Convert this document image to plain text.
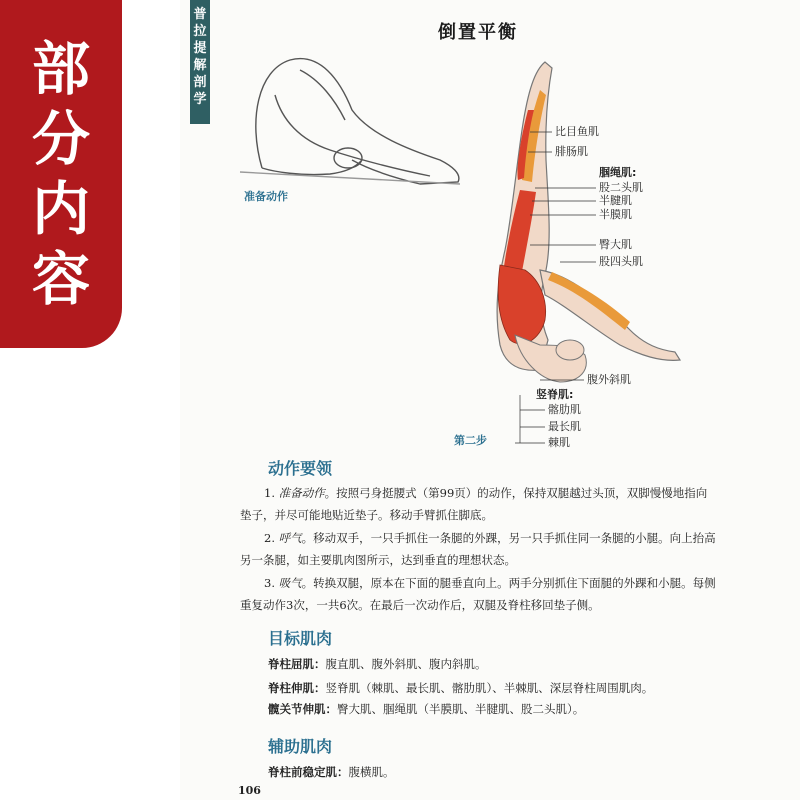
部
分
内
容
普
拉
提
解
剖
学
倒置平衡
准备动作
第二步
比目鱼肌
腓肠肌
腘绳肌:
股二头肌
半腱肌
半膜肌
臀大肌
股四头肌
腹外斜肌
竖脊肌:
髂肋肌
最长肌
棘肌
动作要领
1. 准备动作。按照弓身挺腰式（第99页）的动作，保持双腿越过头顶，双脚慢慢地指向垫子，并尽可能地贴近垫子。移动手臂抓住脚底。
2. 呼气。移动双手，一只手抓住一条腿的外踝，另一只手抓住同一条腿的小腿。向上抬高另一条腿，如主要肌肉图所示，达到垂直的理想状态。
3. 吸气。转换双腿，原本在下面的腿垂直向上。两手分别抓住下面腿的外踝和小腿。每侧重复动作3次，一共6次。在最后一次动作后，双腿及脊柱移回垫子侧。
目标肌肉
脊柱屈肌：腹直肌、腹外斜肌、腹内斜肌。
脊柱伸肌：竖脊肌（棘肌、最长肌、髂肋肌）、半棘肌、深层脊柱周围肌肉。
髋关节伸肌：臀大肌、腘绳肌（半膜肌、半腱肌、股二头肌）。
辅助肌肉
脊柱前稳定肌：腹横肌。
106
